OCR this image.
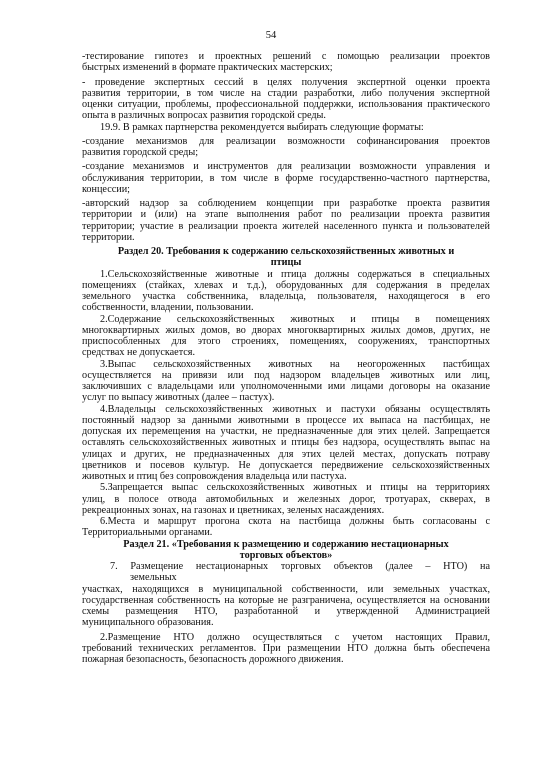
54
-тестирование гипотез и проектных решений с помощью реализации проектов
быстрых изменений в формате практических мастерских;
- проведение экспертных сессий в целях получения экспертной оценки проекта
развития территории, в том числе на стадии разработки, либо получения экспертной
оценки ситуации, проблемы, профессиональной поддержки, использования практического
опыта в различных вопросах развития городской среды.
19.9. В рамках партнерства рекомендуется выбирать следующие форматы:
-создание механизмов для реализации возможности софинансирования проектов
развития городской среды;
-создание механизмов и инструментов для реализации возможности управления и
обслуживания территории, в том числе в форме государственно-частного партнерства,
концессии;
-авторский надзор за соблюдением концепции при разработке проекта развития
территории и (или) на этапе выполнения работ по реализации проекта развития
территории; участие в реализации проекта жителей населенного пункта и пользователей
территории.
Раздел 20. Требования к содержанию сельскохозяйственных животных и
птицы
1.Сельскохозяйственные животные и птица должны содержаться в специальных
помещениях (стайках, хлевах и т.д.), оборудованных для содержания в пределах
земельного участка собственника, владельца, пользователя, находящегося в его
собственности, владении, пользовании.
2.Содержание сельскохозяйственных животных и птицы в помещениях
многоквартирных жилых домов, во дворах многоквартирных жилых домов, других, не
приспособленных для этого строениях, помещениях, сооружениях, транспортных
средствах не допускается.
3.Выпас сельскохозяйственных животных на неогороженных пастбищах
осуществляется на привязи или под надзором владельцев животных или лиц,
заключивших с владельцами или уполномоченными ими лицами договоры на оказание
услуг по выпасу животных (далее – пастух).
4.Владельцы сельскохозяйственных животных и пастухи обязаны осуществлять
постоянный надзор за данными животными в процессе их выпаса на пастбищах, не
допуская их перемещения на участки, не предназначенные для этих целей. Запрещается
оставлять сельскохозяйственных животных и птицы без надзора, осуществлять выпас на
улицах и других, не предназначенных для этих целей местах, допускать потраву
цветников и посевов культур. Не допускается передвижение сельскохозяйственных
животных и птиц без сопровождения владельца или пастуха.
5.Запрещается выпас сельскохозяйственных животных и птицы на территориях
улиц, в полосе отвода автомобильных и железных дорог, тротуарах, скверах, в
рекреационных зонах, на газонах и цветниках, зеленых насаждениях.
6.Места и маршрут прогона скота на пастбища должны быть согласованы с
Территориальными органами.
Раздел 21. «Требования к размещению и содержанию нестационарных
торговых объектов»
7. Размещение нестационарных торговых объектов (далее – НТО) на
земельных
участках, находящихся в муниципальной собственности, или земельных участках,
государственная собственность на которые не разграничена, осуществляется на основании
схемы размещения НТО, разработанной и утвержденной Администрацией
муниципального образования.
2.Размещение НТО должно осуществляться с учетом настоящих Правил,
требований технических регламентов. При размещении НТО должна быть обеспечена
пожарная безопасность, безопасность дорожного движения.
